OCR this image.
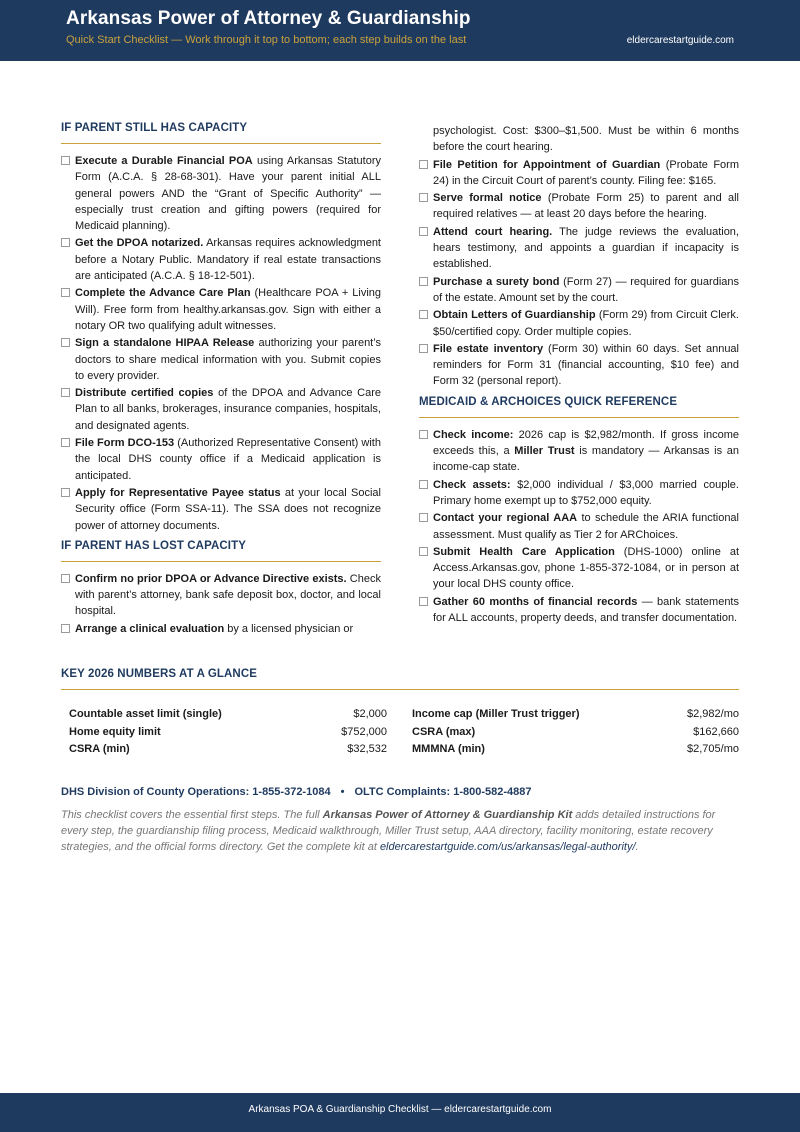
Arkansas Power of Attorney & Guardianship
Quick Start Checklist — Work through it top to bottom; each step builds on the last	eldercarestartguide.com
IF PARENT STILL HAS CAPACITY
Execute a Durable Financial POA using Arkansas Statutory Form (A.C.A. § 28-68-301). Have your parent initial ALL general powers AND the “Grant of Specific Authority” — especially trust creation and gifting powers (required for Medicaid planning).
Get the DPOA notarized. Arkansas requires acknowledgment before a Notary Public. Mandatory if real estate transactions are anticipated (A.C.A. § 18-12-501).
Complete the Advance Care Plan (Healthcare POA + Living Will). Free form from healthy.arkansas.gov. Sign with either a notary OR two qualifying adult witnesses.
Sign a standalone HIPAA Release authorizing your parent’s doctors to share medical information with you. Submit copies to every provider.
Distribute certified copies of the DPOA and Advance Care Plan to all banks, brokerages, insurance companies, hospitals, and designated agents.
File Form DCO-153 (Authorized Representative Consent) with the local DHS county office if a Medicaid application is anticipated.
Apply for Representative Payee status at your local Social Security office (Form SSA-11). The SSA does not recognize power of attorney documents.
IF PARENT HAS LOST CAPACITY
Confirm no prior DPOA or Advance Directive exists. Check with parent’s attorney, bank safe deposit box, doctor, and local hospital.
Arrange a clinical evaluation by a licensed physician or
psychologist. Cost: $300–$1,500. Must be within 6 months before the court hearing.
File Petition for Appointment of Guardian (Probate Form 24) in the Circuit Court of parent’s county. Filing fee: $165.
Serve formal notice (Probate Form 25) to parent and all required relatives — at least 20 days before the hearing.
Attend court hearing. The judge reviews the evaluation, hears testimony, and appoints a guardian if incapacity is established.
Purchase a surety bond (Form 27) — required for guardians of the estate. Amount set by the court.
Obtain Letters of Guardianship (Form 29) from Circuit Clerk. $50/certified copy. Order multiple copies.
File estate inventory (Form 30) within 60 days. Set annual reminders for Form 31 (financial accounting, $10 fee) and Form 32 (personal report).
MEDICAID & ARCHOICES QUICK REFERENCE
Check income: 2026 cap is $2,982/month. If gross income exceeds this, a Miller Trust is mandatory — Arkansas is an income-cap state.
Check assets: $2,000 individual / $3,000 married couple. Primary home exempt up to $752,000 equity.
Contact your regional AAA to schedule the ARIA functional assessment. Must qualify as Tier 2 for ARChoices.
Submit Health Care Application (DHS-1000) online at Access.Arkansas.gov, phone 1-855-372-1084, or in person at your local DHS county office.
Gather 60 months of financial records — bank statements for ALL accounts, property deeds, and transfer documentation.
KEY 2026 NUMBERS AT A GLANCE
Countable asset limit (single)	$2,000
Home equity limit	$752,000
CSRA (min)	$32,532
Income cap (Miller Trust trigger)	$2,982/mo
CSRA (max)	$162,660
MMMNA (min)	$2,705/mo
DHS Division of County Operations: 1-855-372-1084 • OLTC Complaints: 1-800-582-4887
This checklist covers the essential first steps. The full Arkansas Power of Attorney & Guardianship Kit adds detailed instructions for every step, the guardianship filing process, Medicaid walkthrough, Miller Trust setup, AAA directory, facility monitoring, estate recovery strategies, and the official forms directory. Get the complete kit at eldercarestartguide.com/us/arkansas/legal-authority/.
Arkansas POA & Guardianship Checklist — eldercarestartguide.com
